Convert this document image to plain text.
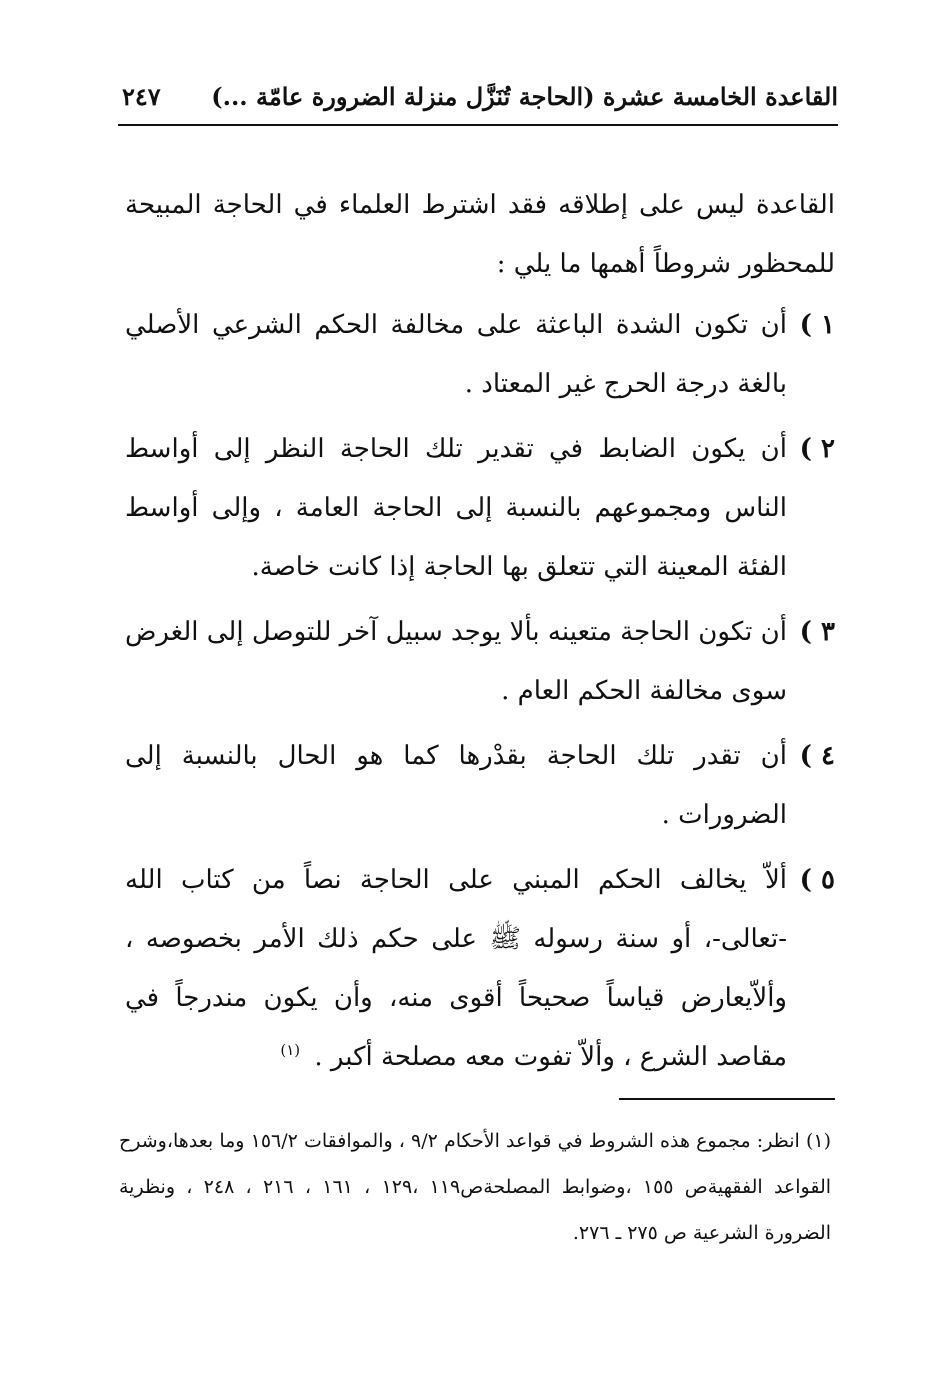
القاعدة الخامسة عشرة (الحاجة تُنَزَّل منزلة الضرورة عامّة ...)
٢٤٧

القاعدة ليس على إطلاقه فقد اشترط العلماء في الحاجة المبيحة للمحظور شروطاً أهمها ما يلي :

١ )
أن تكون الشدة الباعثة على مخالفة الحكم الشرعي الأصلي بالغة درجة الحرج غير المعتاد .
٢ )
أن يكون الضابط في تقدير تلك الحاجة النظر إلى أواسط الناس ومجموعهم بالنسبة إلى الحاجة العامة ، وإلى أواسط الفئة المعينة التي تتعلق بها الحاجة إذا كانت خاصة.
٣ )
أن تكون الحاجة متعينه بألا يوجد سبيل آخر للتوصل إلى الغرض سوى مخالفة الحكم العام .
٤ )
أن تقدر تلك الحاجة بقدْرها كما هو الحال بالنسبة إلى الضرورات .
٥ )
ألاّ يخالف الحكم المبني على الحاجة نصاً من كتاب الله -تعالى-، أو سنة رسوله ﷺ على حكم ذلك الأمر بخصوصه ، وألاّيعارض قياساً صحيحاً أقوى منه، وأن يكون مندرجاً في مقاصد الشرع ، وألاّ تفوت معه مصلحة أكبر . $^{(١)}$
(١) انظر: مجموع هذه الشروط في قواعد الأحكام ٩/٢ ، والموافقات ١٥٦/٢ وما بعدها،وشرح القواعد الفقهيةص ١٥٥ ،وضوابط المصلحةص١١٩ ،١٢٩ ، ١٦١ ، ٢١٦ ، ٢٤٨ ، ونظرية الضرورة الشرعية ص ٢٧٥ ـ ٢٧٦.
